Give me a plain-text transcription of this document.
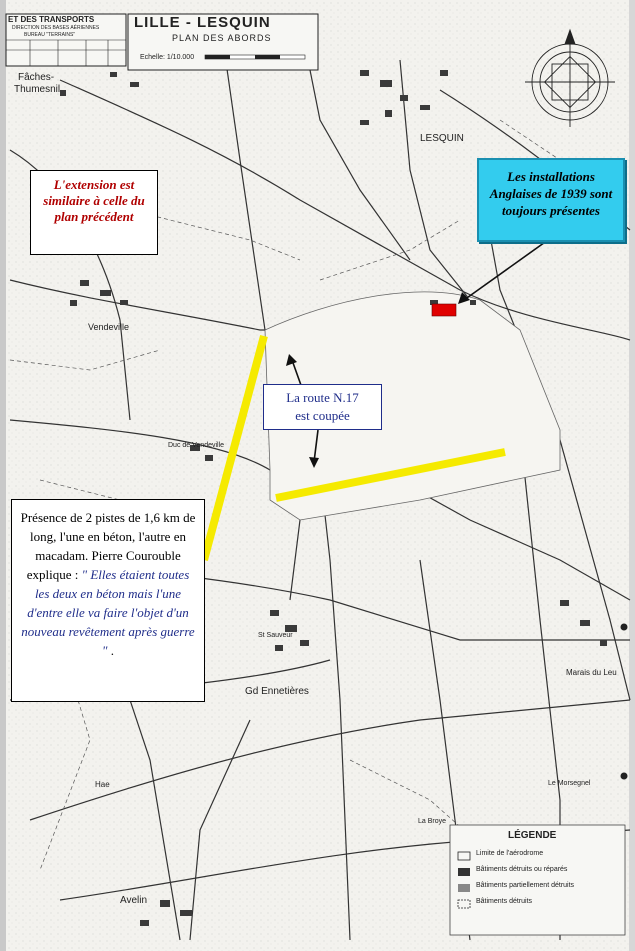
ET DES TRANSPORTS
DIRECTION DES BASES AÉRIENNES
BUREAU "TERRAINS"
LILLE - LESQUIN
PLAN DES ABORDS
Echelle: 1/10.000
Fâches-
Thumesnil
LESQUIN
Vendeville
Duc de Vendeville
St Sauveur
Gd Ennetières
Marais du Leu
Hae
La Broye
Avelin
Le Morsegnel
LÉGENDE
Limite de l'aérodrome
Bâtiments détruits ou réparés
Bâtiments partiellement détruits
Bâtiments détruits
L'extension est similaire à celle du plan précédent
Les installations Anglaises de 1939 sont toujours présentes
La route N.17
est coupée
Présence de 2 pistes de 1,6 km de long, l'une en béton, l'autre en macadam. Pierre Courouble explique : " Elles étaient toutes les deux en béton mais l'une d'entre elle va faire l'objet d'un nouveau revêtement après guerre " .
